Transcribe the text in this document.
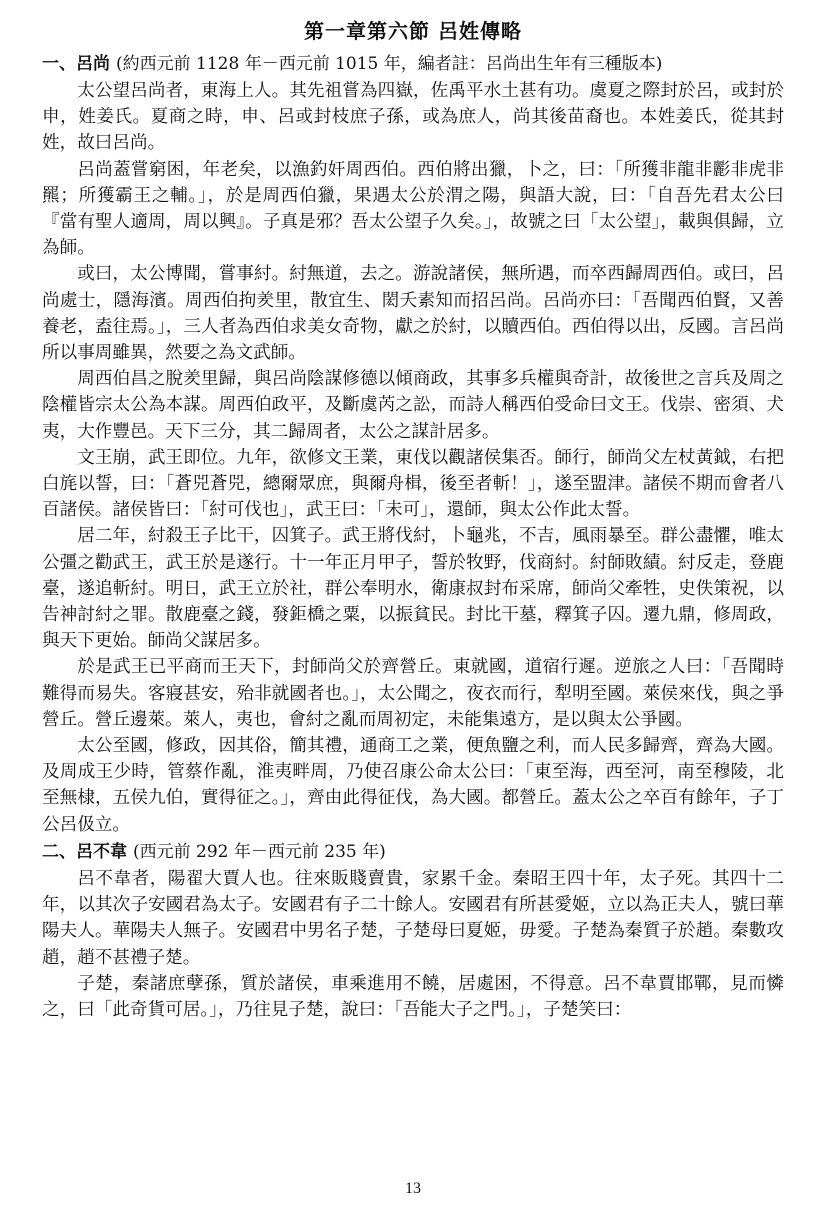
第一章第六節 呂姓傳略
一、呂尚 (約西元前 1128 年－西元前 1015 年，編者註：呂尚出生年有三種版本)

太公望呂尚者，東海上人。其先祖嘗為四嶽，佐禹平水土甚有功。虞夏之際封於呂，或封於申，姓姜氏。夏商之時，申、呂或封枝庶子孫，或為庶人，尚其後苗裔也。本姓姜氏，從其封姓，故曰呂尚。

呂尚蓋嘗窮困，年老矣，以漁釣奸周西伯。西伯將出獵，卜之，曰：「所獲非龍非彲非虎非羆；所獲霸王之輔。」，於是周西伯獵，果遇太公於渭之陽，與語大說，曰：「自吾先君太公曰『當有聖人適周，周以興』。子真是邪？吾太公望子久矣。」，故號之曰「太公望」，載與俱歸，立為師。

或曰，太公博聞，嘗事紂。紂無道，去之。游說諸侯，無所遇，而卒西歸周西伯。或曰，呂尚處士，隱海濱。周西伯拘羑里，散宜生、閎夭素知而招呂尚。呂尚亦曰：「吾聞西伯賢，又善養老，盍往焉。」，三人者為西伯求美女奇物，獻之於紂，以贖西伯。西伯得以出，反國。言呂尚所以事周雖異，然要之為文武師。

周西伯昌之脫羑里歸，與呂尚陰謀修德以傾商政，其事多兵權與奇計，故後世之言兵及周之陰權皆宗太公為本謀。周西伯政平，及斷虞芮之訟，而詩人稱西伯受命曰文王。伐崇、密須、犬夷，大作豐邑。天下三分，其二歸周者，太公之謀計居多。

文王崩，武王即位。九年，欲修文王業，東伐以觀諸侯集否。師行，師尚父左杖黃鉞，右把白旄以誓，曰：「蒼兕蒼兕，總爾眾庶，與爾舟楫，後至者斬！」，遂至盟津。諸侯不期而會者八百諸侯。諸侯皆曰：「紂可伐也」，武王曰：「未可」，還師，與太公作此太誓。

居二年，紂殺王子比干，囚箕子。武王將伐紂，卜龜兆，不吉，風雨暴至。群公盡懼，唯太公彊之勸武王，武王於是遂行。十一年正月甲子，誓於牧野，伐商紂。紂師敗績。紂反走，登鹿臺，遂追斬紂。明日，武王立於社，群公奉明水，衛康叔封布采席，師尚父牽牲，史佚策祝，以告神討紂之罪。散鹿臺之錢，發鉅橋之粟，以振貧民。封比干墓，釋箕子囚。遷九鼎，修周政，與天下更始。師尚父謀居多。

於是武王已平商而王天下，封師尚父於齊營丘。東就國，道宿行遲。逆旅之人曰：「吾聞時難得而易失。客寢甚安，殆非就國者也。」，太公聞之，夜衣而行，犁明至國。萊侯來伐，與之爭營丘。營丘邊萊。萊人，夷也，會紂之亂而周初定，未能集遠方，是以與太公爭國。

太公至國，修政，因其俗，簡其禮，通商工之業，便魚鹽之利，而人民多歸齊，齊為大國。及周成王少時，管蔡作亂，淮夷畔周，乃使召康公命太公曰：「東至海，西至河，南至穆陵，北至無棣，五侯九伯，實得征之。」，齊由此得征伐，為大國。都營丘。蓋太公之卒百有餘年，子丁公呂伋立。

二、呂不韋 (西元前 292 年－西元前 235 年)

呂不韋者，陽翟大賈人也。往來販賤賣貴，家累千金。秦昭王四十年，太子死。其四十二年，以其次子安國君為太子。安國君有子二十餘人。安國君有所甚愛姬，立以為正夫人，號曰華陽夫人。華陽夫人無子。安國君中男名子楚，子楚母曰夏姬，毋愛。子楚為秦質子於趙。秦數攻趙，趙不甚禮子楚。

子楚，秦諸庶孽孫，質於諸侯，車乘進用不饒，居處困，不得意。呂不韋賈邯鄲，見而憐之，曰「此奇貨可居。」，乃往見子楚，說曰：「吾能大子之門。」，子楚笑曰：

13
